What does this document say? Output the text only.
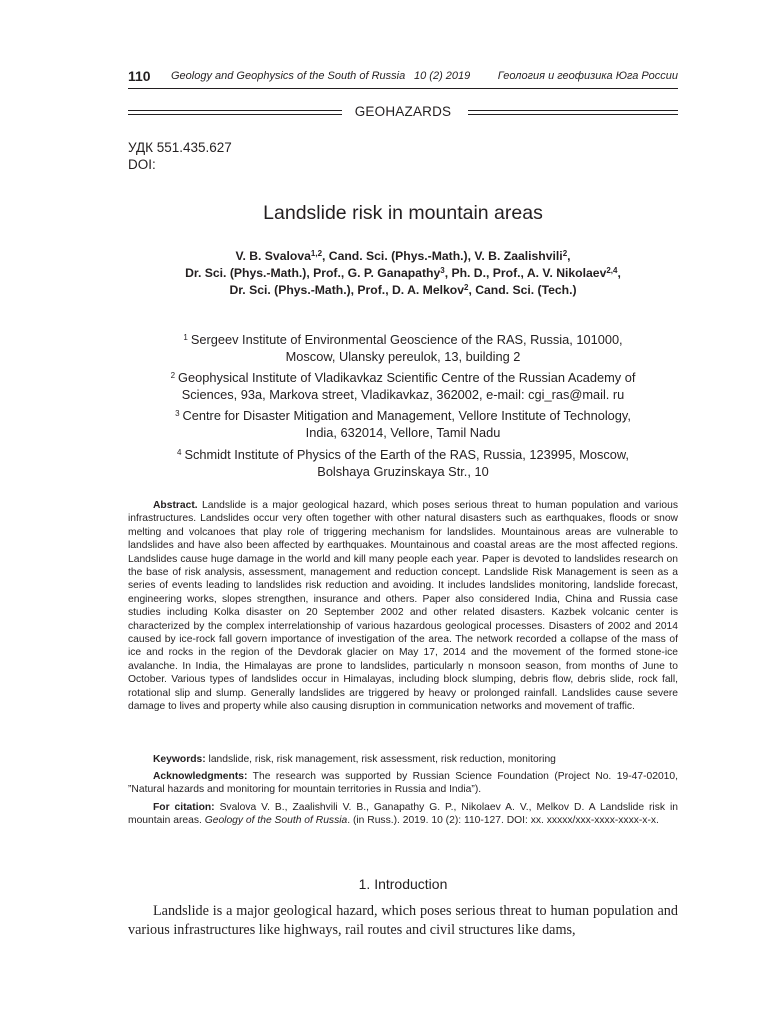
110 Geology and Geophysics of the South of Russia 10 (2) 2019	Геология и геофизика Юга России
GEOHAZARDS
УДК 551.435.627
DOI:
Landslide risk in mountain areas
V. B. Svalova$^{1,2}$, Cand. Sci. (Phys.-Math.), V. B. Zaalishvili$^2$,
Dr. Sci. (Phys.-Math.), Prof., G. P. Ganapathy$^3$, Ph. D., Prof., A. V. Nikolaev$^{2,4}$,
Dr. Sci. (Phys.-Math.), Prof., D. A. Melkov$^2$, Cand. Sci. (Tech.)
$^1$ Sergeev Institute of Environmental Geoscience of the RAS, Russia, 101000,
Moscow, Ulansky pereulok, 13, building 2
$^2$ Geophysical Institute of Vladikavkaz Scientific Centre of the Russian Academy of
Sciences, 93a, Markova street, Vladikavkaz, 362002, e-mail: cgi_ras@mail. ru
$^3$ Centre for Disaster Mitigation and Management, Vellore Institute of Technology,
India, 632014, Vellore, Tamil Nadu
$^4$ Schmidt Institute of Physics of the Earth of the RAS, Russia, 123995, Moscow,
Bolshaya Gruzinskaya Str., 10
Abstract. Landslide is a major geological hazard, which poses serious threat to human population and various infrastructures. Landslides occur very often together with other natural disasters such as earthquakes, floods or snow melting and volcanoes that play role of triggering mechanism for landslides. Mountainous areas are vulnerable to landslides and have also been affected by earthquakes. Mountainous and coastal areas are the most affected regions. Landslides cause huge damage in the world and kill many people each year. Paper is devoted to landslides research on the base of risk analysis, assessment, management and reduction concept. Landslide Risk Management is seen as a series of events leading to landslides risk reduction and avoiding. It includes landslides monitoring, landslide forecast, engineering works, slopes strengthen, insurance and others. Paper also considered India, China and Russia case studies including Kolka disaster on 20 September 2002 and other related disasters. Kazbek volcanic center is characterized by the complex interrelationship of various hazardous geological processes. Disasters of 2002 and 2014 caused by ice-rock fall govern importance of investigation of the area. The network recorded a collapse of the mass of ice and rocks in the region of the Devdorak glacier on May 17, 2014 and the movement of the formed stone-ice avalanche. In India, the Himalayas are prone to landslides, particularly n monsoon season, from months of June to October. Various types of landslides occur in Himalayas, including block slumping, debris flow, debris slide, rock fall, rotational slip and slump. Generally landslides are triggered by heavy or prolonged rainfall. Landslides cause severe damage to lives and property while also causing disruption in communication networks and movement of traffic.
Keywords: landslide, risk, risk management, risk assessment, risk reduction, monitoring
Acknowledgments: The research was supported by Russian Science Foundation (Project No. 19-47-02010, ”Natural hazards and monitoring for mountain territories in Russia and India”).
For citation: Svalova V. B., Zaalishvili V. B., Ganapathy G. P., Nikolaev A. V., Melkov D. A Landslide risk in mountain areas. Geology of the South of Russia. (in Russ.). 2019. 10 (2): 110-127. DOI: xx. xxxxx/xxx-xxxx-xxxx-x-x.
1. Introduction
Landslide is a major geological hazard, which poses serious threat to human population and various infrastructures like highways, rail routes and civil structures like dams,
